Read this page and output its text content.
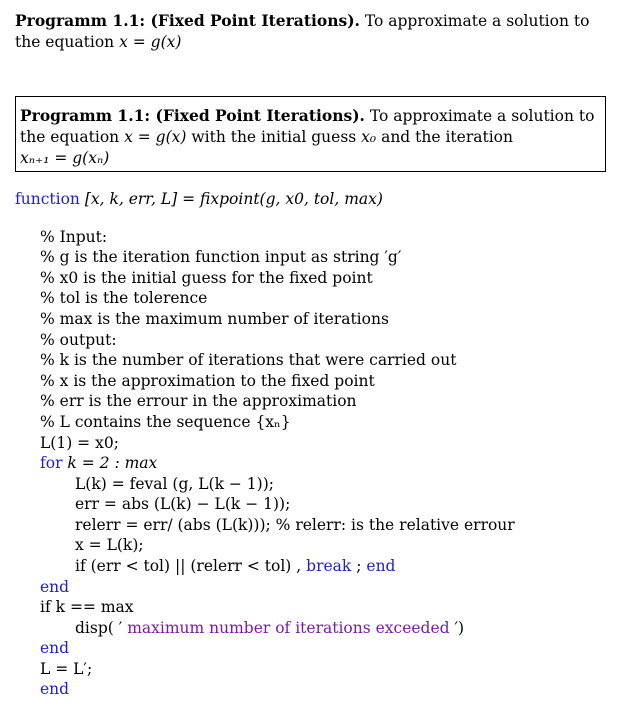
Programm 1.1: (Fixed Point Iterations). To approximate a solution to
the equation x = g(x)
Programm 1.1: (Fixed Point Iterations). To approximate a solution to
the equation x = g(x) with the initial guess x₀ and the iteration
xₙ₊₁ = g(xₙ)
function [x, k, err, L] = fixpoint(g, x0, tol, max)
% Input:
% g is the iteration function input as string ′g′
% x0 is the initial guess for the fixed point
% tol is the tolerence
% max is the maximum number of iterations
% output:
% k is the number of iterations that were carried out
% x is the approximation to the fixed point
% err is the errour in the approximation
% L contains the sequence {xₙ}
L(1) = x0;
for k = 2 : max
L(k) = feval (g, L(k − 1));
err = abs (L(k) − L(k − 1));
relerr = err/ (abs (L(k))); % relerr: is the relative errour
x = L(k);
if (err < tol) || (relerr < tol) , break ; end
end
if k == max
disp( ′ maximum number of iterations exceeded ′)
end
L = L′;
end
